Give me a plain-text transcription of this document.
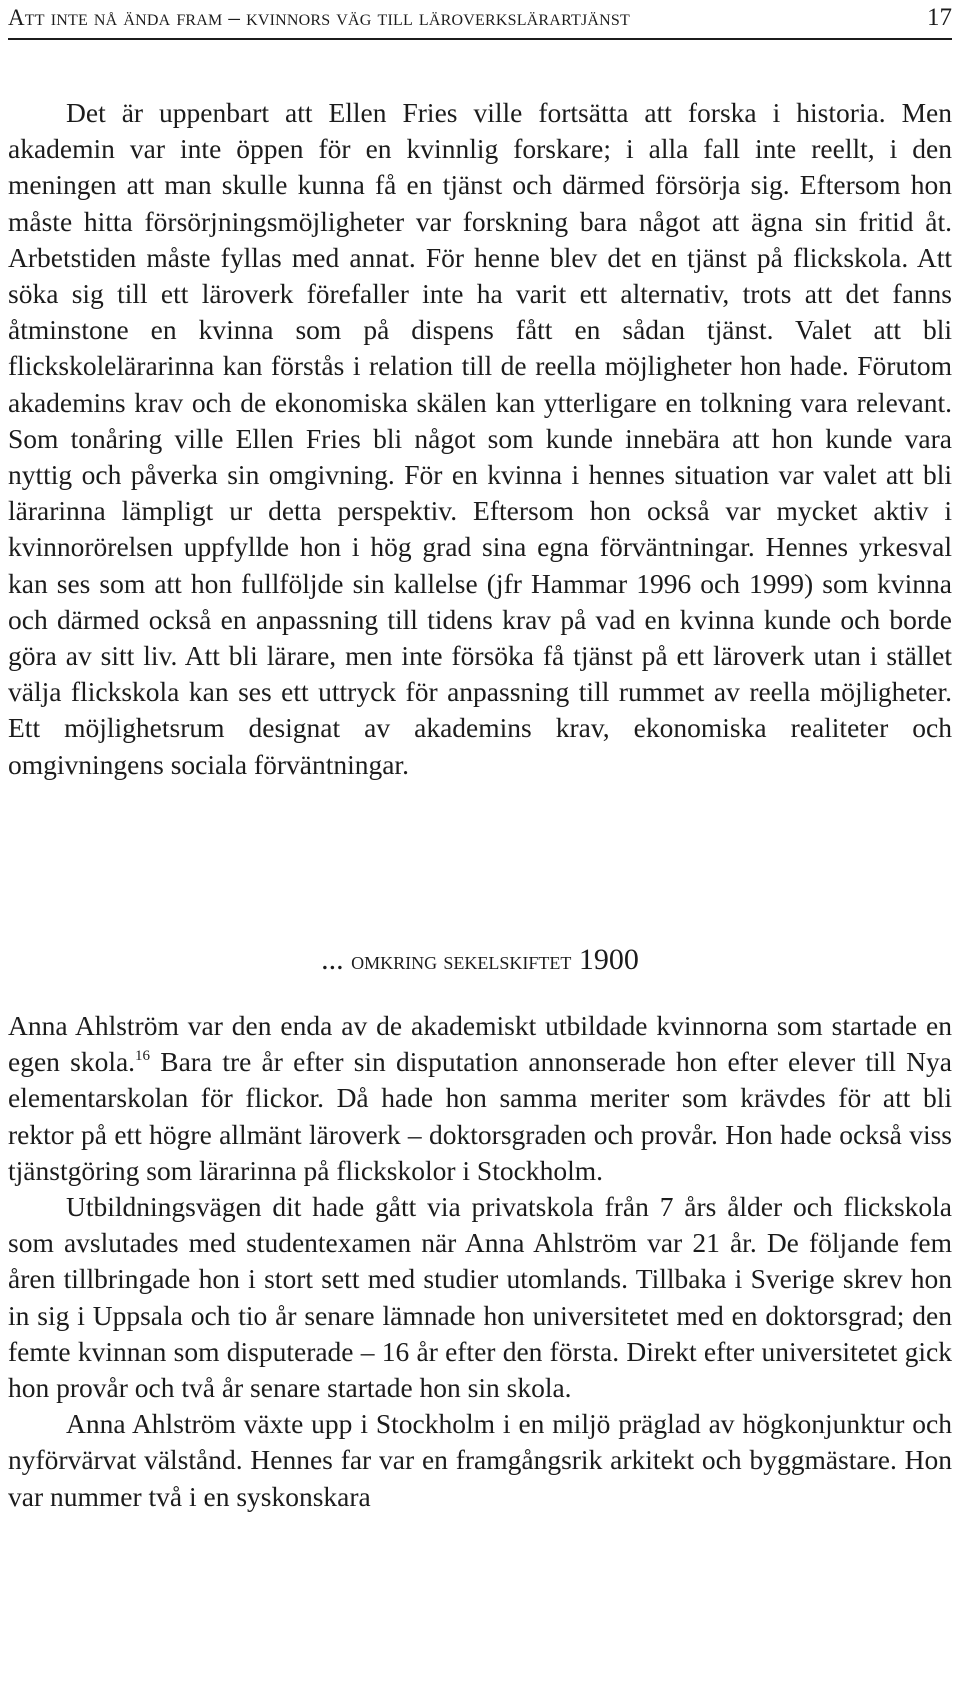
Att inte nå ända fram – kvinnors väg till läroverkslärartjänst	17

Det är uppenbart att Ellen Fries ville fortsätta att forska i historia. Men akademin var inte öppen för en kvinnlig forskare; i alla fall inte reellt, i den meningen att man skulle kunna få en tjänst och därmed försörja sig. Eftersom hon måste hitta försörjningsmöjligheter var forskning bara något att ägna sin fritid åt. Arbetstiden måste fyllas med annat. För henne blev det en tjänst på flickskola. Att söka sig till ett läroverk förefaller inte ha varit ett alternativ, trots att det fanns åtminstone en kvinna som på dispens fått en sådan tjänst. Valet att bli flickskolelärarinna kan förstås i relation till de reella möjligheter hon hade. Förutom akademins krav och de ekonomiska skälen kan ytterligare en tolkning vara relevant. Som tonåring ville Ellen Fries bli något som kunde innebära att hon kunde vara nyttig och påverka sin omgivning. För en kvinna i hennes situation var valet att bli lärarinna lämpligt ur detta perspektiv. Eftersom hon också var mycket aktiv i kvinnorörelsen uppfyllde hon i hög grad sina egna förväntningar. Hennes yrkesval kan ses som att hon fullföljde sin kallelse (jfr Hammar 1996 och 1999) som kvinna och därmed också en anpassning till tidens krav på vad en kvinna kunde och borde göra av sitt liv. Att bli lärare, men inte försöka få tjänst på ett läroverk utan i stället välja flickskola kan ses ett uttryck för anpassning till rummet av reella möjligheter. Ett möjlighetsrum designat av akademins krav, ekonomiska realiteter och omgivningens sociala förväntningar.

... omkring sekelskiftet 1900

Anna Ahlström var den enda av de akademiskt utbildade kvinnorna som startade en egen skola.$^{16}$ Bara tre år efter sin disputation annonserade hon efter elever till Nya elementarskolan för flickor. Då hade hon samma meriter som krävdes för att bli rektor på ett högre allmänt läroverk – doktorsgraden och provår. Hon hade också viss tjänstgöring som lärarinna på flickskolor i Stockholm.

Utbildningsvägen dit hade gått via privatskola från 7 års ålder och flickskola som avslutades med studentexamen när Anna Ahlström var 21 år. De följande fem åren tillbringade hon i stort sett med studier utomlands. Tillbaka i Sverige skrev hon in sig i Uppsala och tio år senare lämnade hon universitetet med en doktorsgrad; den femte kvinnan som disputerade – 16 år efter den första. Direkt efter universitetet gick hon provår och två år senare startade hon sin skola.

Anna Ahlström växte upp i Stockholm i en miljö präglad av högkonjunktur och nyförvärvat välstånd. Hennes far var en framgångsrik arkitekt och byggmästare. Hon var nummer två i en syskonskara
